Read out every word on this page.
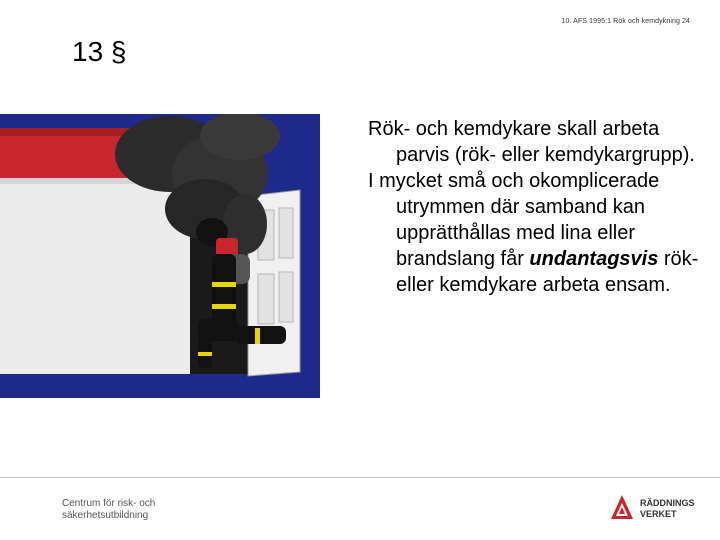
10. AFS 1995:1 Rök och kemdykning 24
13 §

Rök- och kemdykare skall arbeta parvis (rök- eller kemdykargrupp).

I mycket små och okomplicerade utrymmen där samband kan upprätthållas med lina eller brandslang får undantagsvis rök- eller kemdykare arbeta ensam.

Centrum för risk- och
säkerhetsutbildning
RÄDDNINGS
VERKET
